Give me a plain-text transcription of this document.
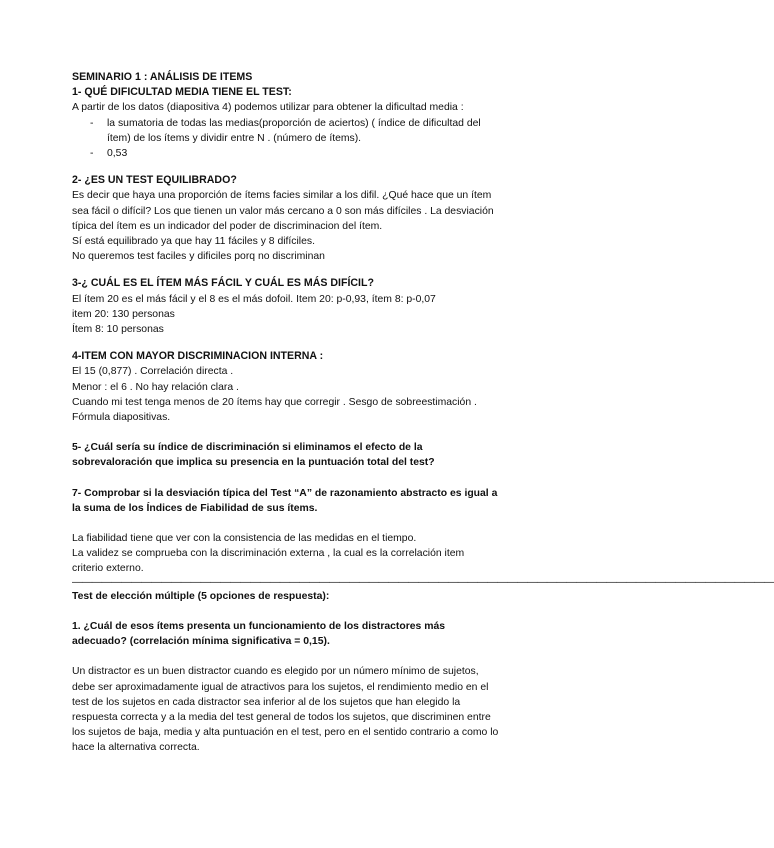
SEMINARIO 1 : ANÁLISIS DE ITEMS
1- QUÉ DIFICULTAD MEDIA TIENE EL TEST:
A partir de los datos (diapositiva 4) podemos utilizar para obtener la dificultad media :
- la sumatoria de todas las medias(proporción de aciertos) ( índice de dificultad del
ítem) de los ítems y dividir entre N . (número de ítems).
- 0,53
2- ¿ES UN TEST EQUILIBRADO?
Es decir que haya una proporción de ítems facies similar a los difil. ¿Qué hace que un ítem
sea fácil o difícil? Los que tienen un valor más cercano a 0 son más difíciles . La desviación
típica del ítem es un indicador del poder de discriminacion del ítem.
Sí está equilibrado ya que hay 11 fáciles y 8 difíciles.
No queremos test faciles y dificiles porq no discriminan
3-¿ CUÁL ES EL ÍTEM MÁS FÁCIL Y CUÁL ES MÁS DIFÍCIL?
El ítem 20 es el más fácil y el 8 es el más dofoil. Item 20: p-0,93, ítem 8: p-0,07
item 20: 130 personas
Ítem 8: 10 personas
4-ITEM CON MAYOR DISCRIMINACION INTERNA :
El 15 (0,877) . Correlación directa .
Menor : el 6 . No hay relación clara .
Cuando mi test tenga menos de 20 ítems hay que corregir . Sesgo de sobreestimación .
Fórmula diapositivas.
5- ¿Cuál sería su índice de discriminación si eliminamos el efecto de la
sobrevaloración que implica su presencia en la puntuación total del test?
7- Comprobar si la desviación típica del Test “A” de razonamiento abstracto es igual a
la suma de los Índices de Fiabilidad de sus ítems.
La fiabilidad tiene que ver con la consistencia de las medidas en el tiempo.
La validez se comprueba con la discriminación externa , la cual es la correlación item
criterio externo.
———————————————————————————————————————————————————————————————————————
Test de elección múltiple (5 opciones de respuesta):
1. ¿Cuál de esos ítems presenta un funcionamiento de los distractores más
adecuado? (correlación mínima significativa = 0,15).
Un distractor es un buen distractor cuando es elegido por un número mínimo de sujetos,
debe ser aproximadamente igual de atractivos para los sujetos, el rendimiento medio en el
test de los sujetos en cada distractor sea inferior al de los sujetos que han elegido la
respuesta correcta y a la media del test general de todos los sujetos, que discriminen entre
los sujetos de baja, media y alta puntuación en el test, pero en el sentido contrario a como lo
hace la alternativa correcta.
